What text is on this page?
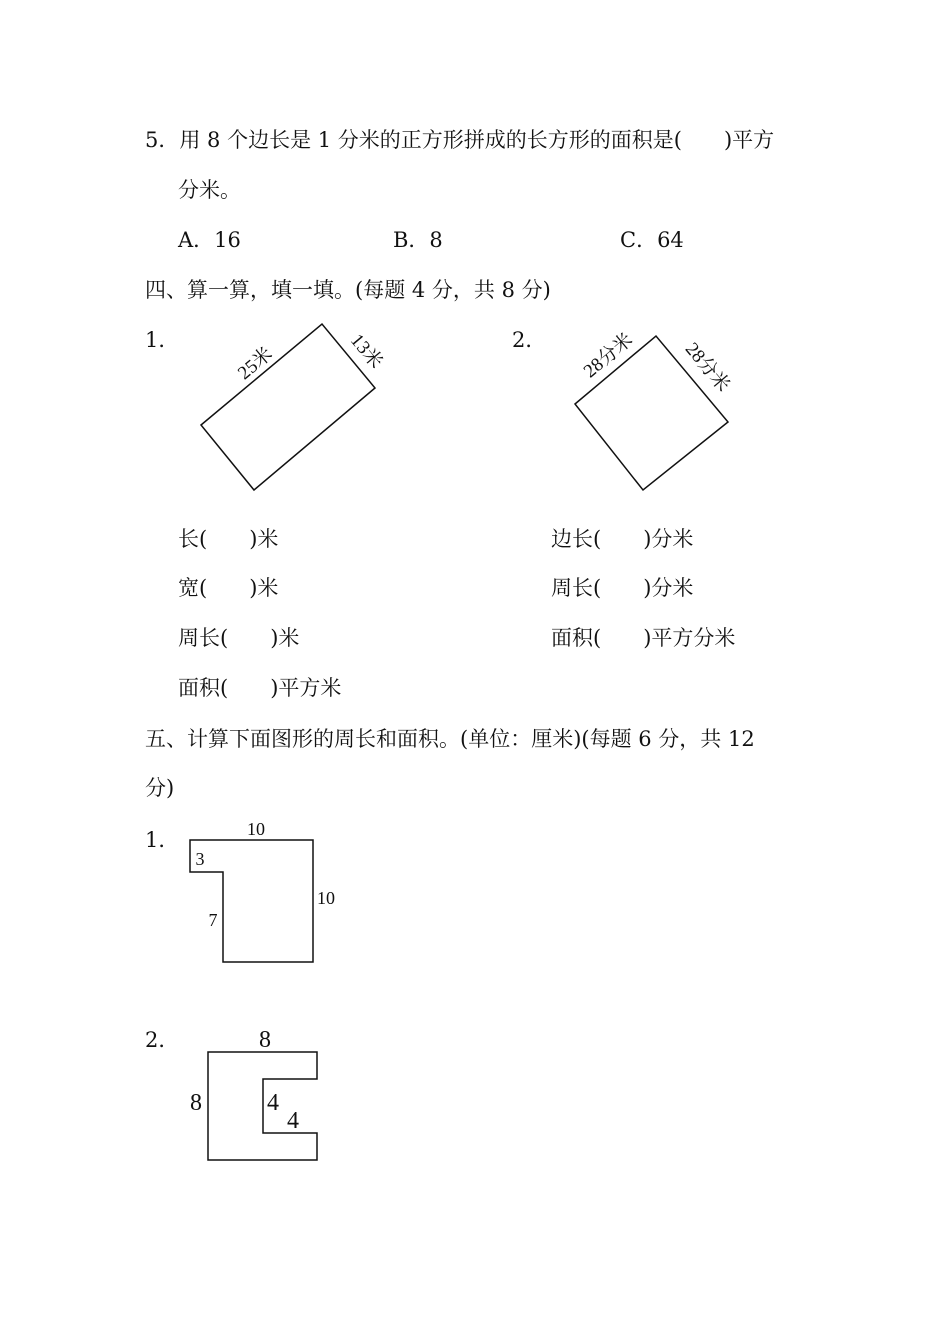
5．用 8 个边长是 1 分米的正方形拼成的长方形的面积是(　　)平方
分米。
A．16	B．8	C．64
四、算一算，填一填。(每题 4 分，共 8 分)
1．	2．
25米	13米	28分米 28分米
10
3
7
10
8
8	4
4
长(　　)米
宽(　　)米
周长(　　)米
面积(　　)平方米
边长(　　)分米
周长(　　)分米
面积(　　)平方分米
五、计算下面图形的周长和面积。(单位：厘米)(每题 6 分，共 12
分)
1．
2．
